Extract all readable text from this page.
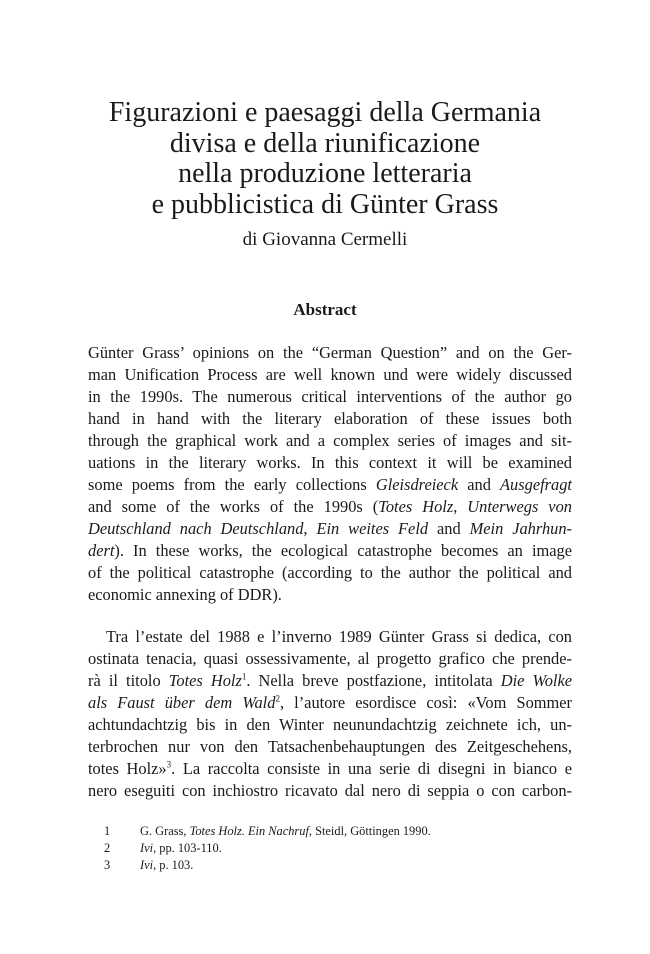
Figurazioni e paesaggi della Germania
divisa e della riunificazione
nella produzione letteraria
e pubblicistica di Günter Grass
di Giovanna Cermelli
Abstract
Günter Grass’ opinions on the “German Question” and on the Ger-
man Unification Process are well known und were widely discussed
in the 1990s. The numerous critical interventions of the author go
hand in hand with the literary elaboration of these issues both
through the graphical work and a complex series of images and sit-
uations in the literary works. In this context it will be examined
some poems from the early collections Gleisdreieck and Ausgefragt
and some of the works of the 1990s (Totes Holz, Unterwegs von
Deutschland nach Deutschland, Ein weites Feld and Mein Jahrhun-
dert). In these works, the ecological catastrophe becomes an image
of the political catastrophe (according to the author the political and
economic annexing of DDR).
Tra l’estate del 1988 e l’inverno 1989 Günter Grass si dedica, con
ostinata tenacia, quasi ossessivamente, al progetto grafico che prende-
rà il titolo Totes Holz$^1$. Nella breve postfazione, intitolata Die Wolke
als Faust über dem Wald$^2$, l’autore esordisce così: «Vom Sommer
achtundachtzig bis in den Winter neunundachtzig zeichnete ich, un-
terbrochen nur von den Tatsachenbehauptungen des Zeitgeschehens,
totes Holz»$^3$. La raccolta consiste in una serie di disegni in bianco e
nero eseguiti con inchiostro ricavato dal nero di seppia o con carbon-
1	G. Grass, Totes Holz. Ein Nachruf, Steidl, Göttingen 1990.
2	Ivi, pp. 103-110.
3	Ivi, p. 103.
